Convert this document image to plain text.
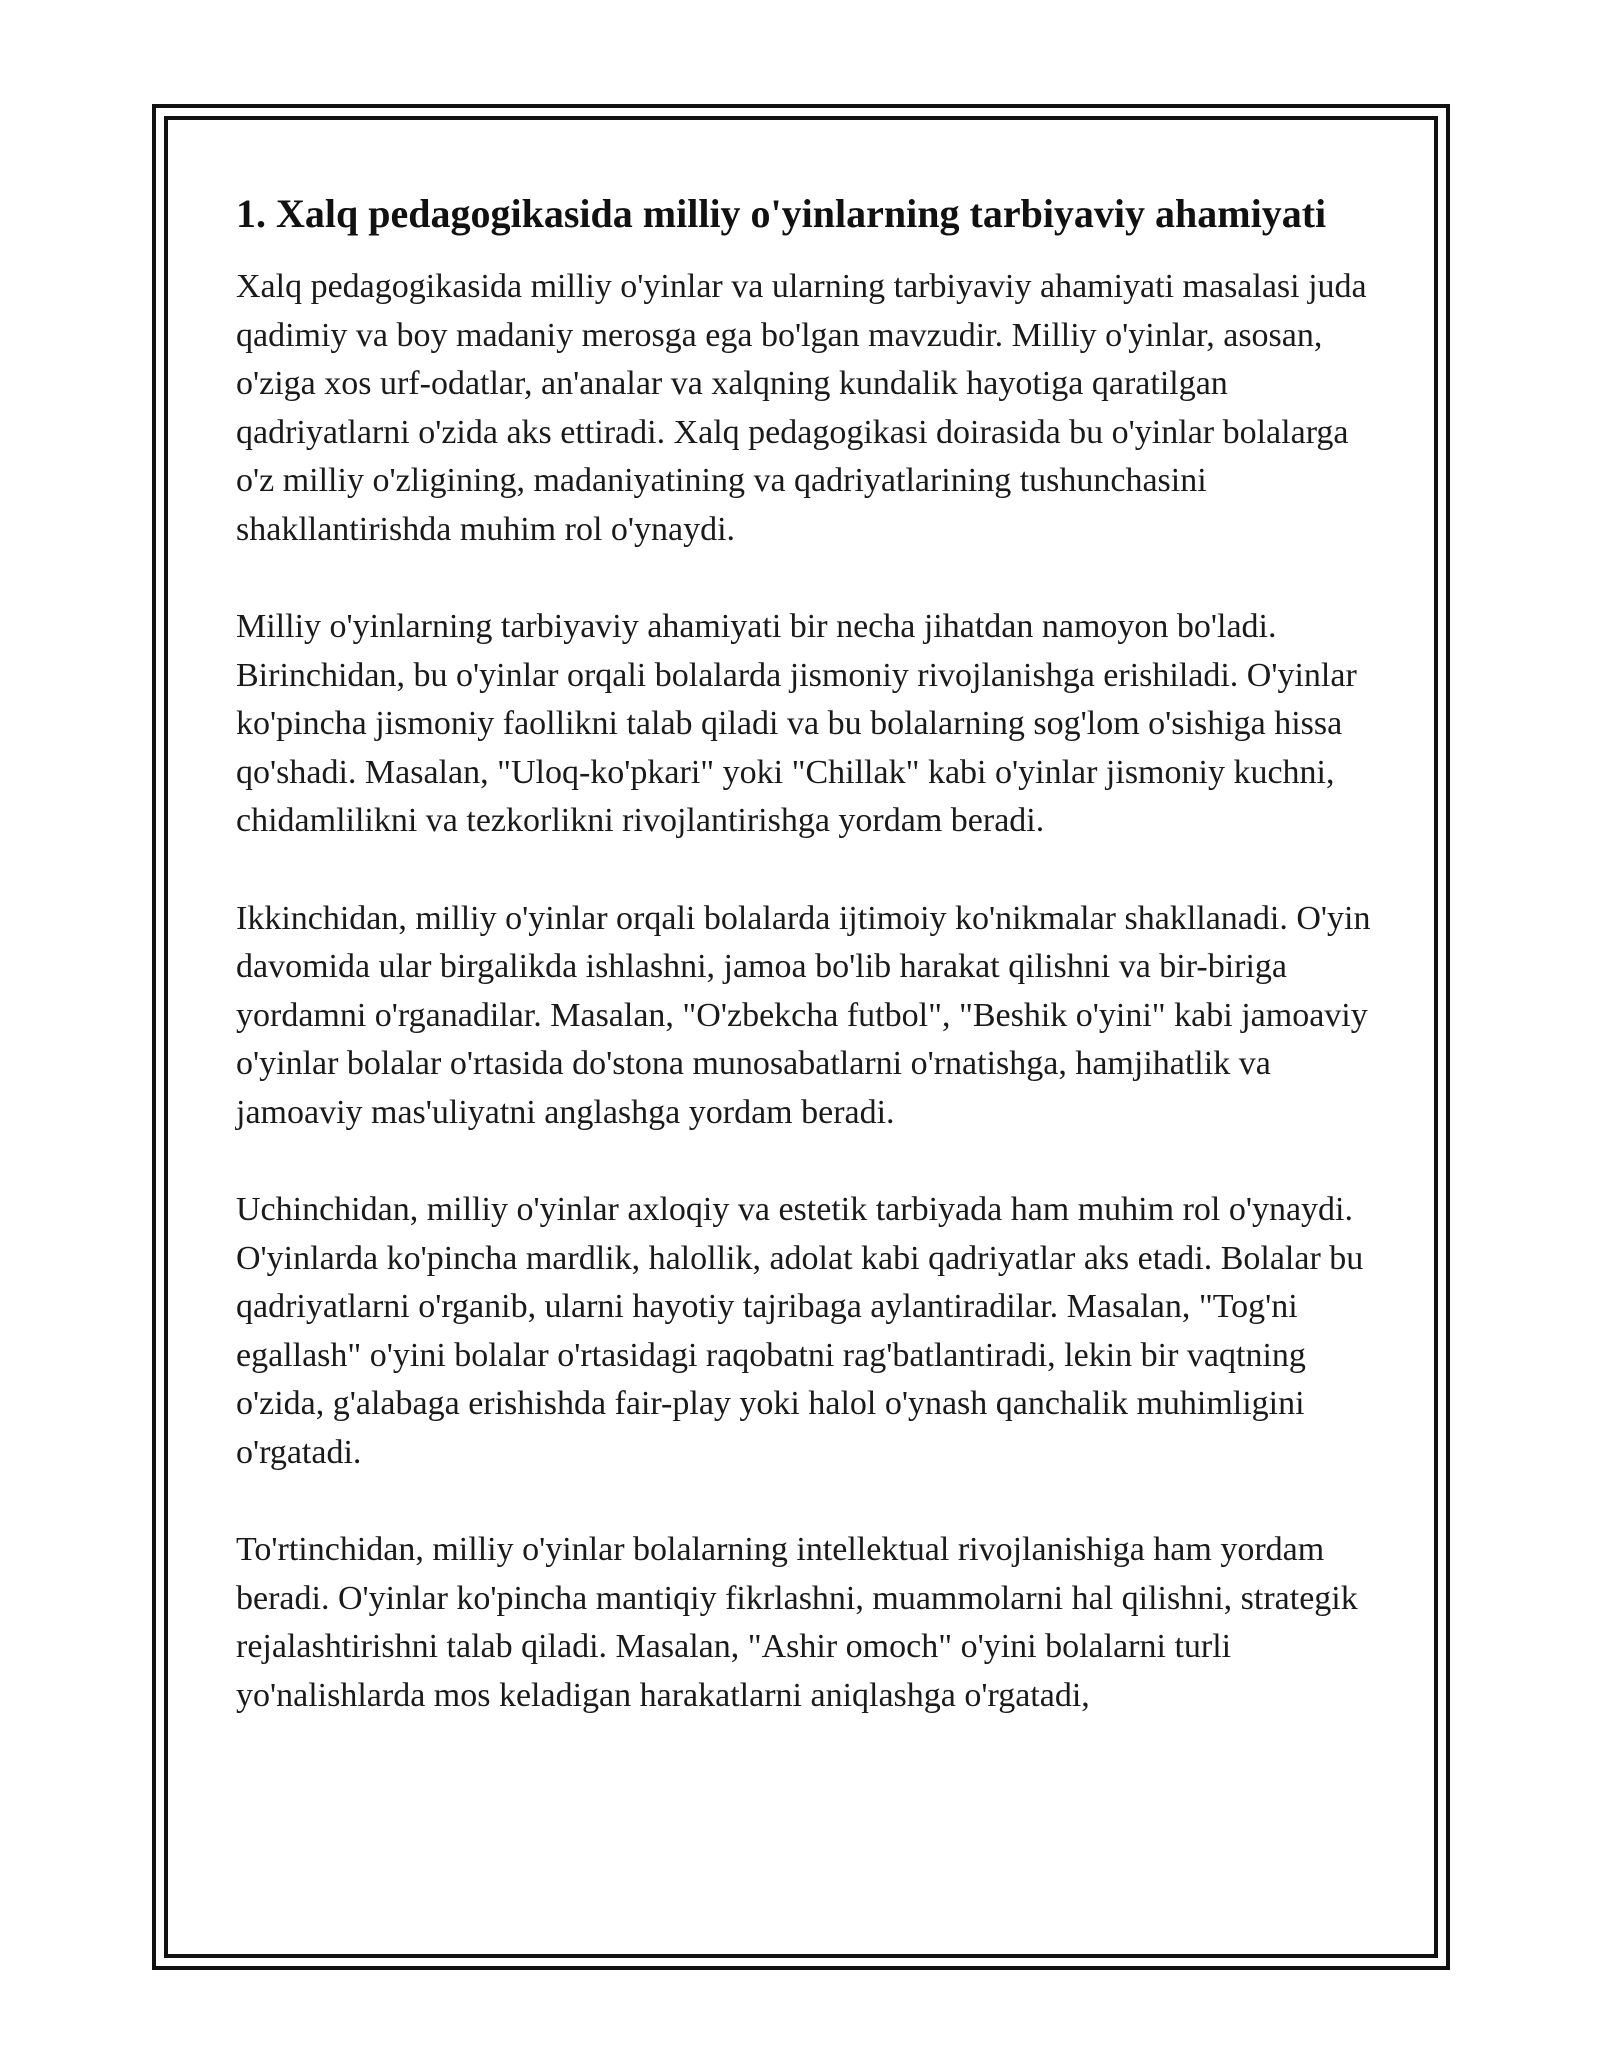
1. Xalq pedagogikasida milliy o'yinlarning tarbiyaviy ahamiyati

Xalq pedagogikasida milliy o'yinlar va ularning tarbiyaviy ahamiyati masalasi juda qadimiy va boy madaniy merosga ega bo'lgan mavzudir. Milliy o'yinlar, asosan, o'ziga xos urf-odatlar, an'analar va xalqning kundalik hayotiga qaratilgan qadriyatlarni o'zida aks ettiradi. Xalq pedagogikasi doirasida bu o'yinlar bolalarga o'z milliy o'zligining, madaniyatining va qadriyatlarining tushunchasini shakllantirishda muhim rol o'ynaydi.

Milliy o'yinlarning tarbiyaviy ahamiyati bir necha jihatdan namoyon bo'ladi. Birinchidan, bu o'yinlar orqali bolalarda jismoniy rivojlanishga erishiladi. O'yinlar ko'pincha jismoniy faollikni talab qiladi va bu bolalarning sog'lom o'sishiga hissa qo'shadi. Masalan, "Uloq-ko'pkari" yoki "Chillak" kabi o'yinlar jismoniy kuchni, chidamlilikni va tezkorlikni rivojlantirishga yordam beradi.

Ikkinchidan, milliy o'yinlar orqali bolalarda ijtimoiy ko'nikmalar shakllanadi. O'yin davomida ular birgalikda ishlashni, jamoa bo'lib harakat qilishni va bir-biriga yordamni o'rganadilar. Masalan, "O'zbekcha futbol", "Beshik o'yini" kabi jamoaviy o'yinlar bolalar o'rtasida do'stona munosabatlarni o'rnatishga, hamjihatlik va jamoaviy mas'uliyatni anglashga yordam beradi.

Uchinchidan, milliy o'yinlar axloqiy va estetik tarbiyada ham muhim rol o'ynaydi. O'yinlarda ko'pincha mardlik, halollik, adolat kabi qadriyatlar aks etadi. Bolalar bu qadriyatlarni o'rganib, ularni hayotiy tajribaga aylantiradilar. Masalan, "Tog'ni egallash" o'yini bolalar o'rtasidagi raqobatni rag'batlantiradi, lekin bir vaqtning o'zida, g'alabaga erishishda fair-play yoki halol o'ynash qanchalik muhimligini o'rgatadi.

To'rtinchidan, milliy o'yinlar bolalarning intellektual rivojlanishiga ham yordam beradi. O'yinlar ko'pincha mantiqiy fikrlashni, muammolarni hal qilishni, strategik rejalashtirishni talab qiladi. Masalan, "Ashir omoch" o'yini bolalarni turli yo'nalishlarda mos keladigan harakatlarni aniqlashga o'rgatadi,
